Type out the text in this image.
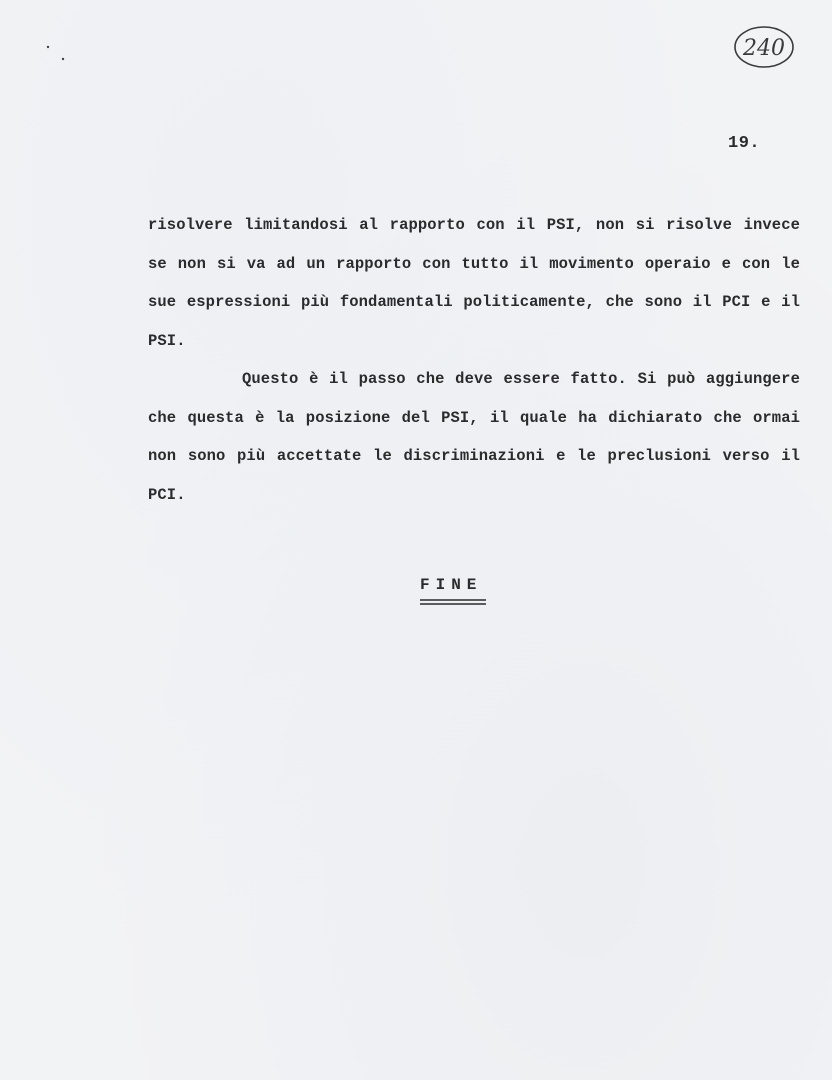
240
19.
risolvere limitandosi al rapporto con il PSI, non si risolve invece
se non si va ad un rapporto con tutto il movimento operaio e con le
sue espressioni più fondamentali politicamente, che sono il PCI e il
PSI.
Questo è il passo che deve essere fatto. Si può aggiungere
che questa è la posizione del PSI, il quale ha dichiarato che ormai
non sono più accettate le discriminazioni e le preclusioni verso il
PCI.
FINE
